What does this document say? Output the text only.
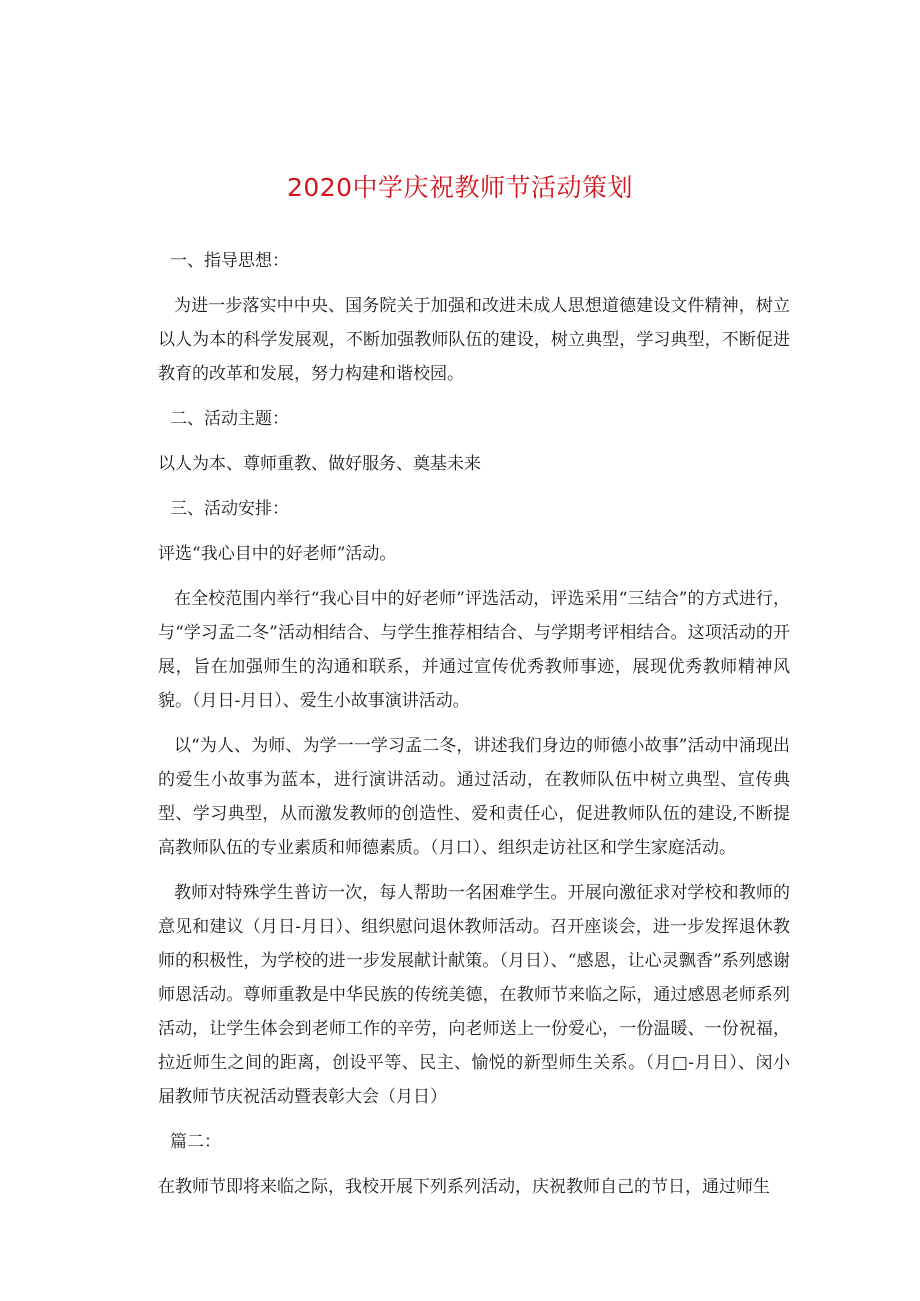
2020中学庆祝教师节活动策划

一、指导思想：

为进一步落实中中央、国务院关于加强和改进未成人思想道德建设文件精神，树立以人为本的科学发展观，不断加强教师队伍的建设，树立典型，学习典型，不断促进教育的改革和发展，努力构建和谐校园。

二、活动主题：

以人为本、尊师重教、做好服务、奠基未来

三、活动安排：

评选“我心目中的好老师”活动。

在全校范围内举行“我心目中的好老师”评选活动，评选采用“三结合”的方式进行，与“学习孟二冬”活动相结合、与学生推荐相结合、与学期考评相结合。这项活动的开展，旨在加强师生的沟通和联系，并通过宣传优秀教师事迹，展现优秀教师精神风貌。（月日-月日）、爱生小故事演讲活动。

以“为人、为师、为学一一学习孟二冬，讲述我们身边的师德小故事”活动中涌现出的爱生小故事为蓝本，进行演讲活动。通过活动，在教师队伍中树立典型、宣传典型、学习典型，从而激发教师的创造性、爱和责任心，促进教师队伍的建设,不断提高教师队伍的专业素质和师德素质。（月口）、组织走访社区和学生家庭活动。

教师对特殊学生普访一次，每人帮助一名困难学生。开展向激征求对学校和教师的意见和建议（月日-月日）、组织慰问退休教师活动。召开座谈会，进一步发挥退休教师的积极性，为学校的进一步发展献计献策。（月日）、“感恩，让心灵飘香”系列感谢师恩活动。尊师重教是中华民族的传统美德，在教师节来临之际，通过感恩老师系列活动，让学生体会到老师工作的辛劳，向老师送上一份爱心，一份温暖、一份祝福，拉近师生之间的距离，创设平等、民主、愉悦的新型师生关系。（月□-月日）、闵小届教师节庆祝活动暨表彰大会（月日）

篇二：

在教师节即将来临之际，我校开展下列系列活动，庆祝教师自己的节日，通过师生
